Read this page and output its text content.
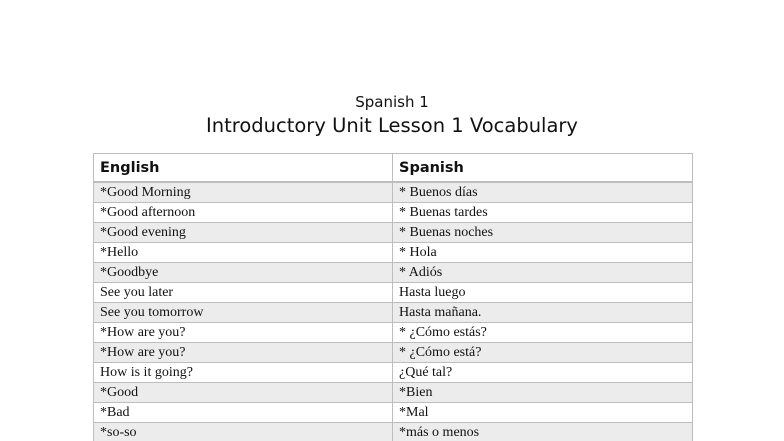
Spanish 1
Introductory Unit Lesson 1 Vocabulary
English	Spanish
*Good Morning	* Buenos días
*Good afternoon	* Buenas tardes
*Good evening	* Buenas noches
*Hello	* Hola
*Goodbye	* Adiós
See you later	Hasta luego
See you tomorrow	Hasta mañana.
*How are you?	* ¿Cómo estás?
*How are you?	* ¿Cómo está?
How is it going?	¿Qué tal?
*Good	*Bien
*Bad	*Mal
*so-so	*más o menos
